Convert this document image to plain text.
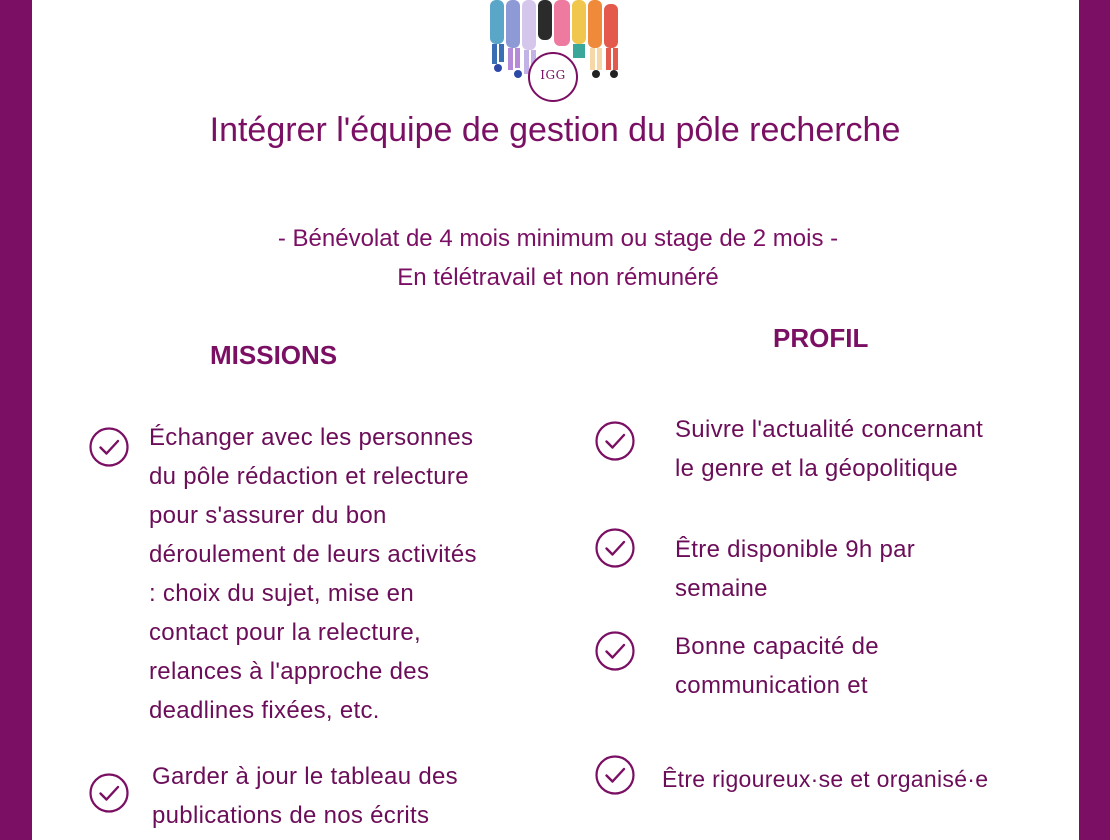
IGG
Intégrer l'équipe de gestion du pôle recherche
- Bénévolat de 4 mois minimum ou stage de 2 mois -
En télétravail et non rémunéré
MISSIONS
PROFIL
Échanger avec les personnes
du pôle rédaction et relecture
pour s'assurer du bon
déroulement de leurs activités
: choix du sujet, mise en
contact pour la relecture,
relances à l'approche des
deadlines fixées, etc.
Garder à jour le tableau des
publications de nos écrits
Suivre l'actualité concernant
le genre et la géopolitique
Être disponible 9h par
semaine
Bonne capacité de
communication et
Être rigoureux·se et organisé·e
